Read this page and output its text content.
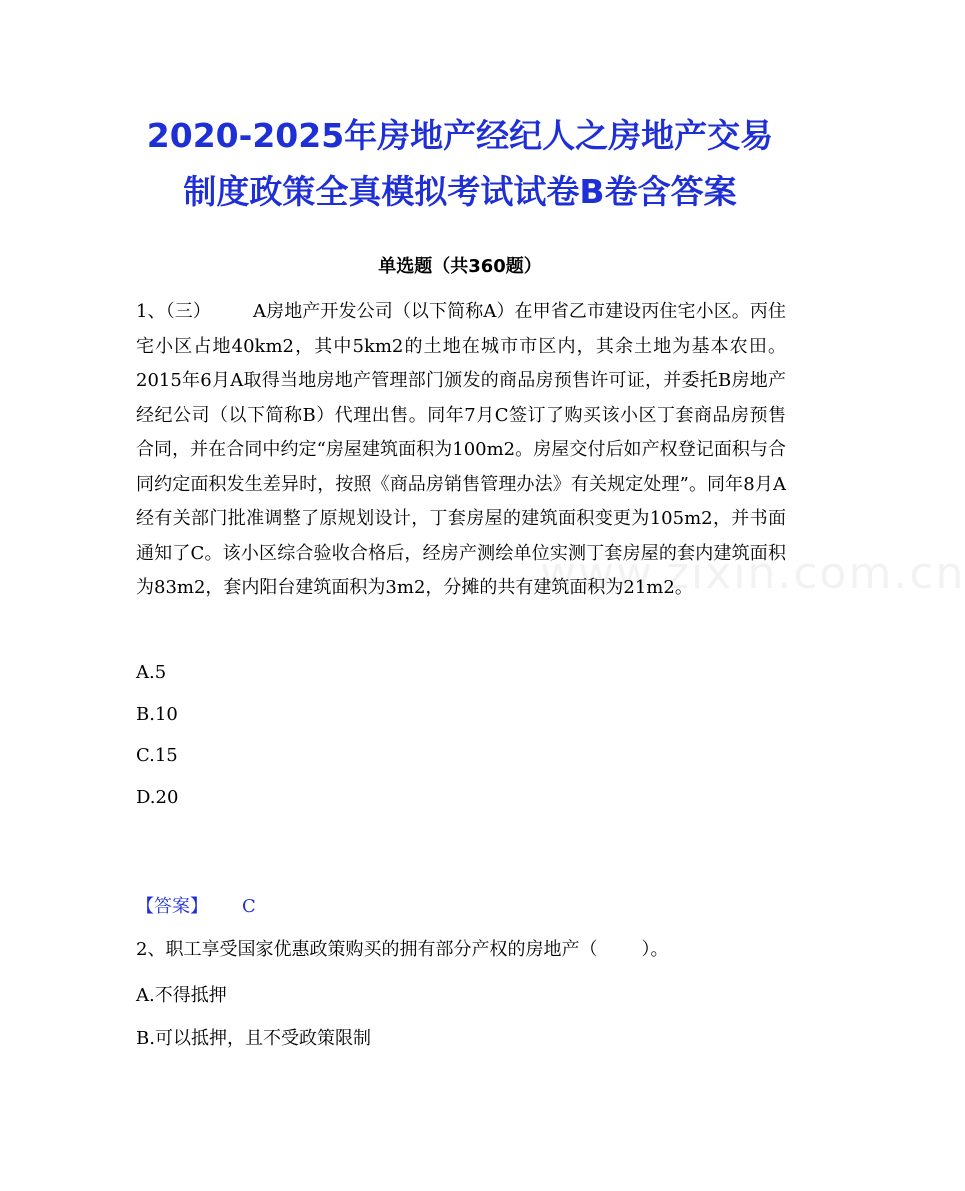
www.zixin.com.cn
2020-2025年房地产经纪人之房地产交易
制度政策全真模拟考试试卷B卷含答案
单选题（共360题）
1、（三） A房地产开发公司（以下简称A）在甲省乙市建设丙住宅小区。丙住宅小区占地40km2，其中5km2的土地在城市市区内，其余土地为基本农田。2015年6月A取得当地房地产管理部门颁发的商品房预售许可证，并委托B房地产经纪公司（以下简称B）代理出售。同年7月C签订了购买该小区丁套商品房预售合同，并在合同中约定“房屋建筑面积为100m2。房屋交付后如产权登记面积与合同约定面积发生差异时，按照《商品房销售管理办法》有关规定处理”。同年8月A经有关部门批准调整了原规划设计，丁套房屋的建筑面积变更为105m2，并书面通知了C。该小区综合验收合格后，经房产测绘单位实测丁套房屋的套内建筑面积为83m2，套内阳台建筑面积为3m2，分摊的共有建筑面积为21m2。
A.5
B.10
C.15
D.20
【答案】 C
2、职工享受国家优惠政策购买的拥有部分产权的房地产（ ）。
A.不得抵押
B.可以抵押，且不受政策限制
